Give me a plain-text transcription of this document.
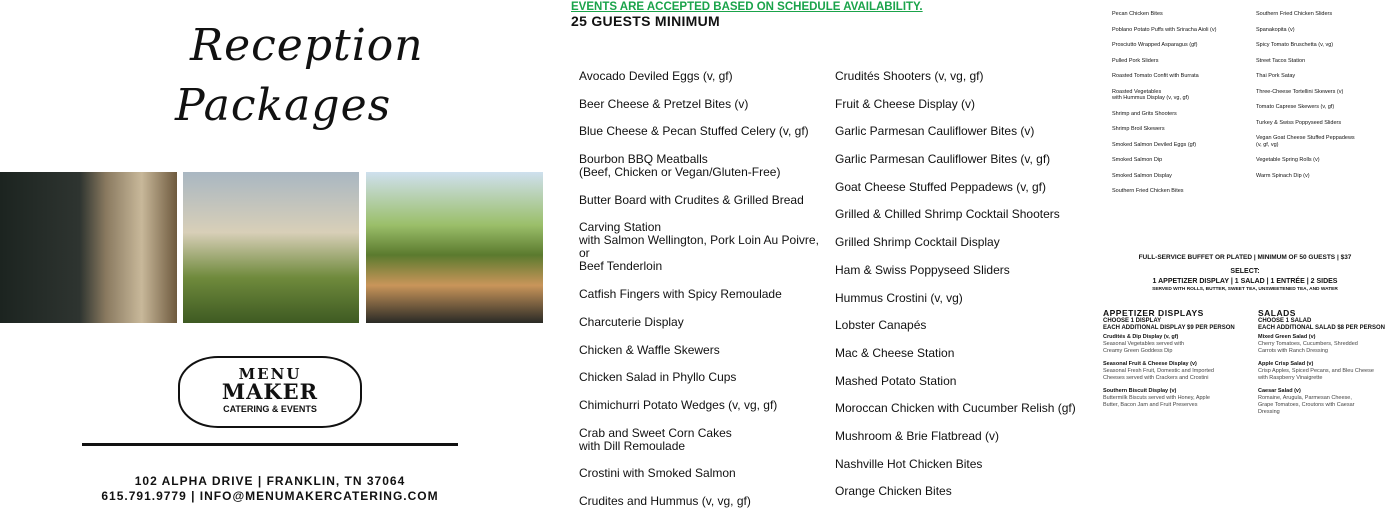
Reception
Packages
MENU
MAKER
CATERING & EVENTS
102 ALPHA DRIVE | FRANKLIN, TN 37064
615.791.9779 | INFO@MENUMAKERCATERING.COM
EVENTS ARE ACCEPTED BASED ON SCHEDULE AVAILABILITY.
25 GUESTS MINIMUM
Avocado Deviled Eggs (v, gf)
Beer Cheese & Pretzel Bites (v)
Blue Cheese & Pecan Stuffed Celery (v, gf)
Bourbon BBQ Meatballs
(Beef, Chicken or Vegan/Gluten-Free)
Butter Board with Crudites & Grilled Bread
Carving Station
with Salmon Wellington, Pork Loin Au Poivre, or
Beef Tenderloin
Catfish Fingers with Spicy Remoulade
Charcuterie Display
Chicken & Waffle Skewers
Chicken Salad in Phyllo Cups
Chimichurri Potato Wedges (v, vg, gf)
Crab and Sweet Corn Cakes
with Dill Remoulade
Crostini with Smoked Salmon
Crudites and Hummus (v, vg, gf)
Crudités Shooters (v, vg, gf)
Fruit & Cheese Display (v)
Garlic Parmesan Cauliflower Bites (v)
Garlic Parmesan Cauliflower Bites (v, gf)
Goat Cheese Stuffed Peppadews (v, gf)
Grilled & Chilled Shrimp Cocktail Shooters
Grilled Shrimp Cocktail Display
Ham & Swiss Poppyseed Sliders
Hummus Crostini (v, vg)
Lobster Canapés
Mac & Cheese Station
Mashed Potato Station
Moroccan Chicken with Cucumber Relish (gf)
Mushroom & Brie Flatbread (v)
Nashville Hot Chicken Bites
Orange Chicken Bites
Pecan Chicken Bites
Poblano Potato Puffs with Sriracha Aioli (v)
Prosciutto Wrapped Asparagus (gf)
Pulled Pork Sliders
Roasted Tomato Confit with Burrata
Roasted Vegetables
with Hummus Display (v, vg, gf)
Shrimp and Grits Shooters
Shrimp Broil Skewers
Smoked Salmon Deviled Eggs (gf)
Smoked Salmon Dip
Smoked Salmon Display
Southern Fried Chicken Bites
Southern Fried Chicken Sliders
Spanakopita (v)
Spicy Tomato Bruschetta (v, vg)
Street Tacos Station
Thai Pork Satay
Three-Cheese Tortellini Skewers (v)
Tomato Caprese Skewers (v, gf)
Turkey & Swiss Poppyseed Sliders
Vegan Goat Cheese Stuffed Peppadews
(v, gf, vg)
Vegetable Spring Rolls (v)
Warm Spinach Dip (v)
FULL-SERVICE BUFFET OR PLATED | MINIMUM OF 50 GUESTS | $37
SELECT:
1 APPETIZER DISPLAY | 1 SALAD | 1 ENTRÉE | 2 SIDES
SERVED WITH ROLLS, BUTTER, SWEET TEA, UNSWEETENED TEA, AND WATER
APPETIZER DISPLAYS
CHOOSE 1 DISPLAY
EACH ADDITIONAL DISPLAY $9 PER PERSON
Crudités & Dip Display (v, gf)
Seasonal Vegetables served with
Creamy Green Goddess Dip
Seasonal Fruit & Cheese Display (v)
Seasonal Fresh Fruit, Domestic and Imported
Cheeses served with Crackers and Crostini
Southern Biscuit Display (v)
Buttermilk Biscuts served with Honey, Apple
Butter, Bacon Jam and Fruit Preserves
SALADS
CHOOSE 1 SALAD
EACH ADDITIONAL SALAD $8 PER PERSON
Mixed Green Salad (v)
Cherry Tomatoes, Cucumbers, Shredded
Carrots with Ranch Dressing
Apple Crisp Salad (v)
Crisp Apples, Spiced Pecans, and Bleu Cheese
with Raspberry Vinaigrette
Caesar Salad (v)
Romaine, Arugula, Parmesan Cheese,
Grape Tomatoes, Croutons with Caesar
Dressing
